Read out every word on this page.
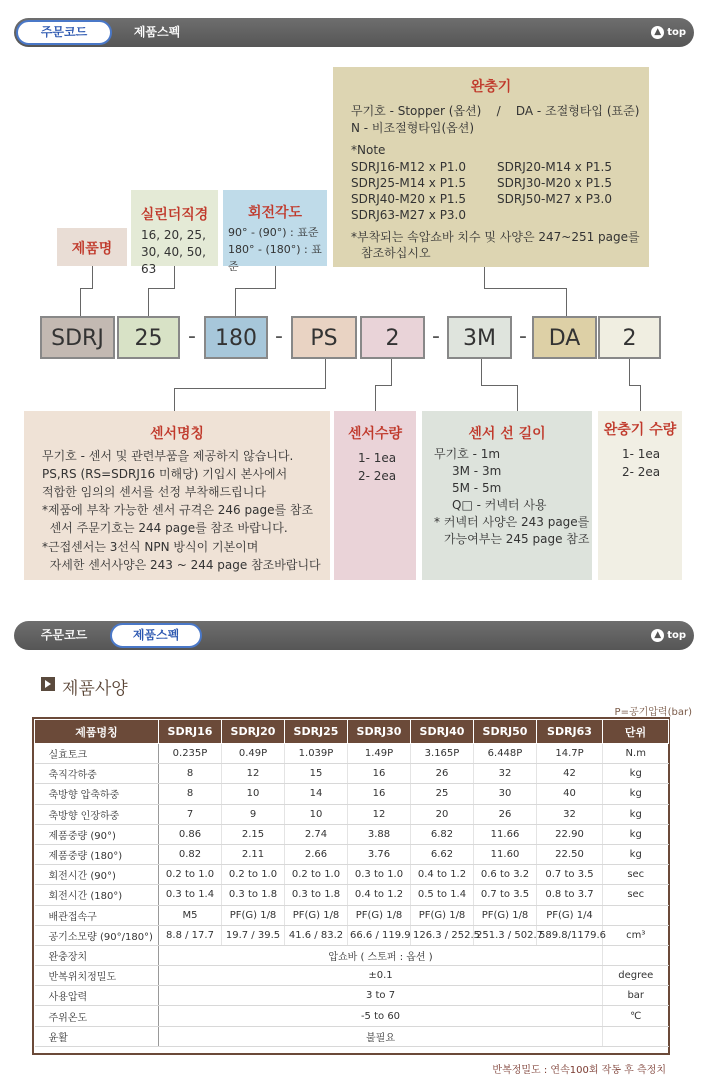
주문코드	제품스펙	▲ top
완충기
무기호 - Stopper (옵션)    /    DA - 조절형타입 (표준)
N - 비조절형타입(옵션)
*Note
SDRJ16-M12 x P1.0
SDRJ25-M14 x P1.5
SDRJ40-M20 x P1.5
SDRJ63-M27 x P3.0
SDRJ20-M14 x P1.5
SDRJ30-M20 x P1.5
SDRJ50-M27 x P3.0
*부착되는 속압쇼바 치수 및 사양은 247~251 page를
참조하십시오
제품명
실린더직경
16, 20, 25,
30, 40, 50, 63
회전각도
90° - (90°) : 표준
180° - (180°) : 표준
SDRJ	25	- 180 -	PS	2	-	3M	- DA	2
센서명칭
무기호 - 센서 및 관련부품을 제공하지 않습니다.
PS,RS (RS=SDRJ16 미해당) 기입시 본사에서
적합한 임의의 센서를 선정 부착해드립니다
*제품에 부착 가능한 센서 규격은 246 page를 참조
센서 주문기호는 244 page를 참조 바랍니다.
*근접센서는 3선식 NPN 방식이 기본이며
자세한 센서사양은 243 ~ 244 page 참조바랍니다
센서수량
1- 1ea
2- 2ea
센서 선 길이
무기호 - 1m
3M - 3m
5M - 5m
Q□ - 커넥터 사용
* 커넥터 사양은 243 page를
가능여부는 245 page 참조
완충기 수량
1- 1ea
2- 2ea
주문코드	제품스펙	▲ top
제품사양
P=공기압력(bar)
제품명칭	SDRJ16	SDRJ20	SDRJ25	SDRJ30	SDRJ40	SDRJ50	SDRJ63	단위
실효토크	0.235P	0.49P	1.039P	1.49P	3.165P	6.448P	14.7P	N.m
축직각하중	8	12	15	16	26	32	42	kg
축방향 압축하중	8	10	14	16	25	30	40	kg
축방향 인장하중	7	9	10	12	20	26	32	kg
제품중량 (90°)	0.86	2.15	2.74	3.88	6.82	11.66	22.90	kg
제품중량 (180°)	0.82	2.11	2.66	3.76	6.62	11.60	22.50	kg
회전시간 (90°)	0.2 to 1.0	0.2 to 1.0	0.2 to 1.0	0.3 to 1.0	0.4 to 1.2	0.6 to 3.2	0.7 to 3.5	sec
회전시간 (180°)	0.3 to 1.4	0.3 to 1.8	0.3 to 1.8	0.4 to 1.2	0.5 to 1.4	0.7 to 3.5	0.8 to 3.7	sec
배관접속구	M5	PF(G) 1/8	PF(G) 1/8	PF(G) 1/8	PF(G) 1/8	PF(G) 1/8	PF(G) 1/4	
공기소모량 (90°/180°)	8.8 / 17.7	19.7 / 39.5	41.6 / 83.2	66.6 / 119.9	126.3 / 252.5	251.3 / 502.7	589.8/1179.6	cm³
완충장치	압쇼바 ( 스토퍼 : 옵션 )							
반복위치정밀도	±0.1							degree
사용압력	3 to 7							bar
주위온도	-5 to 60							℃
윤활	불필요							
반복정밀도 : 연속100회 작동 후 측정치
